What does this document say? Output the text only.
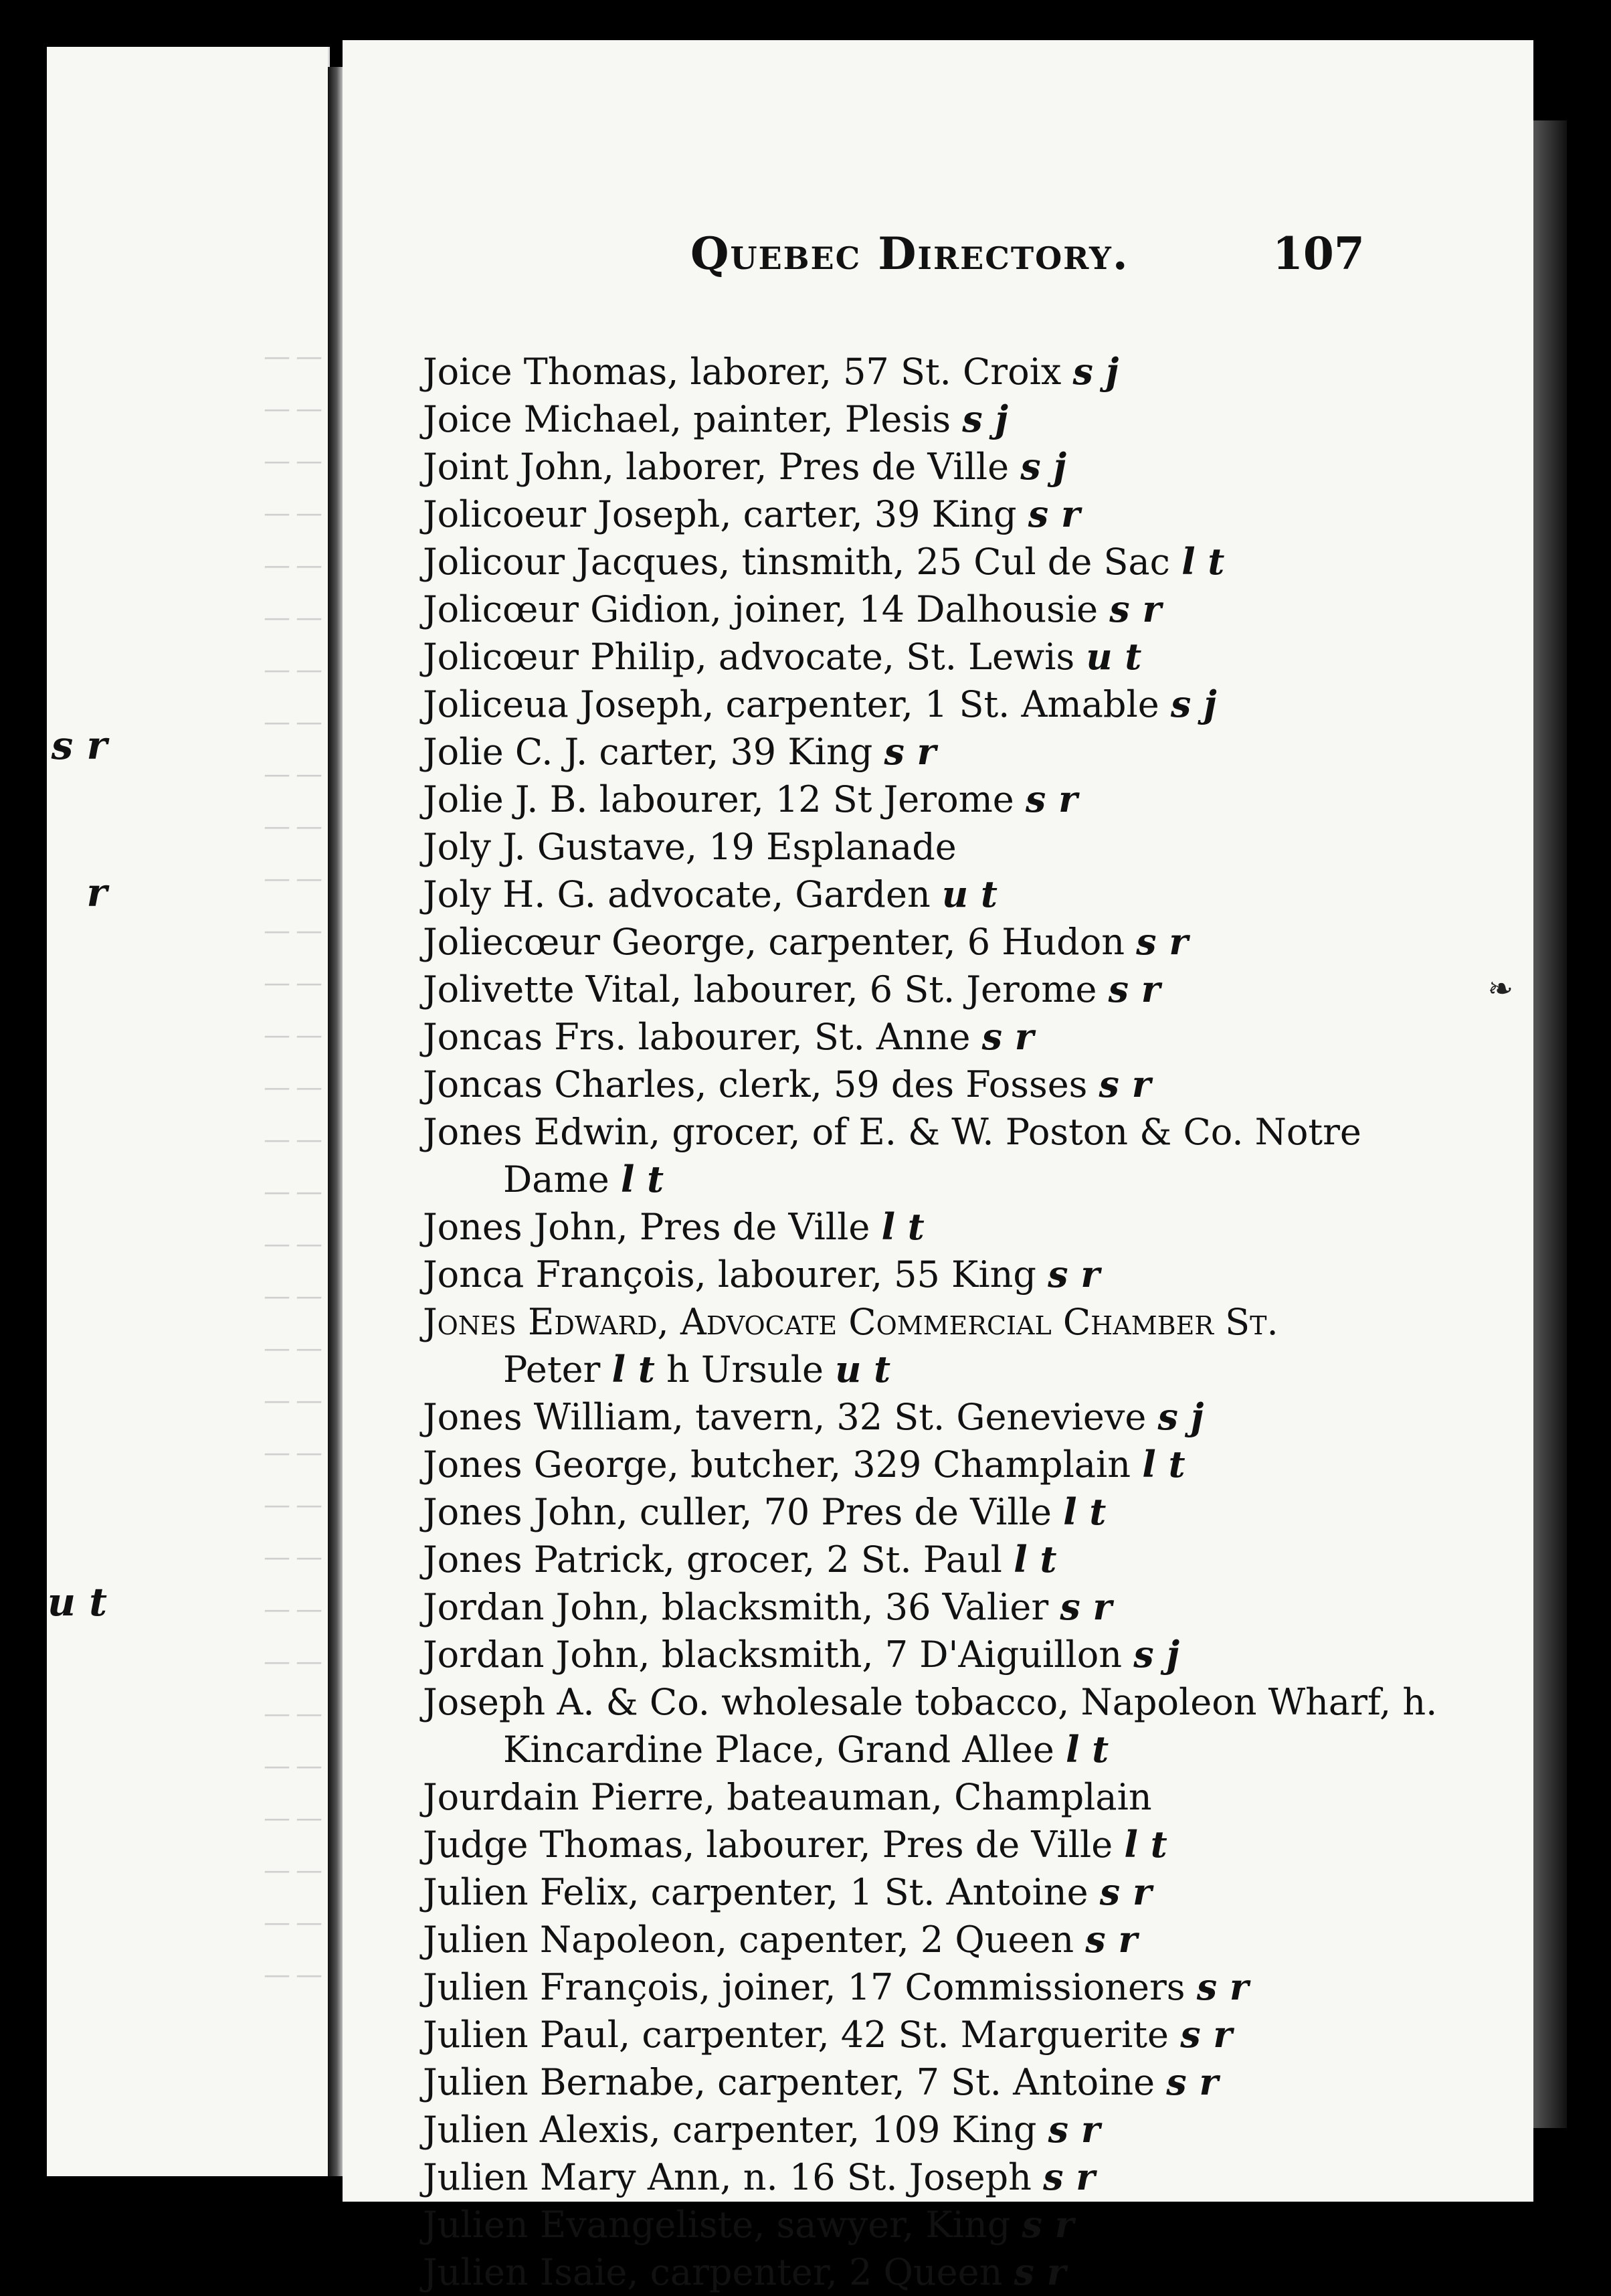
s r
r
u t
— —
— —
— —
— —
— —
— —
— —
— —
— —
— —
— —
— —
— —
— —
— —
— —
— —
— —
— —
— —
— —
— —
— —
— —
— —
— —
— —
— —
— —
— —
— —
— —
Quebec Directory.	107
Joice Thomas, laborer, 57 St. Croix s j
Joice Michael, painter, Plesis s j
Joint John, laborer, Pres de Ville s j
Jolicoeur Joseph, carter, 39 King s r
Jolicour Jacques, tinsmith, 25 Cul de Sac l t
Jolicœur Gidion, joiner, 14 Dalhousie s r
Jolicœur Philip, advocate, St. Lewis u t
Joliceua Joseph, carpenter, 1 St. Amable s j
Jolie C. J. carter, 39 King s r
Jolie J. B. labourer, 12 St Jerome s r
Joly J. Gustave, 19 Esplanade
Joly H. G. advocate, Garden u t
Joliecœur George, carpenter, 6 Hudon s r
Jolivette Vital, labourer, 6 St. Jerome s r
Joncas Frs. labourer, St. Anne s r
Joncas Charles, clerk, 59 des Fosses s r
Jones Edwin, grocer, of E. & W. Poston & Co. Notre
Dame l t
Jones John, Pres de Ville l t
Jonca François, labourer, 55 King s r
Jones Edward, Advocate Commercial Chamber St.
Peter l t h Ursule u t
Jones William, tavern, 32 St. Genevieve s j
Jones George, butcher, 329 Champlain l t
Jones John, culler, 70 Pres de Ville l t
Jones Patrick, grocer, 2 St. Paul l t
Jordan John, blacksmith, 36 Valier s r
Jordan John, blacksmith, 7 D'Aiguillon s j
Joseph A. & Co. wholesale tobacco, Napoleon Wharf, h.
Kincardine Place, Grand Allee l t
Jourdain Pierre, bateauman, Champlain
Judge Thomas, labourer, Pres de Ville l t
Julien Felix, carpenter, 1 St. Antoine s r
Julien Napoleon, capenter, 2 Queen s r
Julien François, joiner, 17 Commissioners s r
Julien Paul, carpenter, 42 St. Marguerite s r
Julien Bernabe, carpenter, 7 St. Antoine s r
Julien Alexis, carpenter, 109 King s r
Julien Mary Ann, n. 16 St. Joseph s r
Julien Evangeliste, sawyer, King s r
Julien Isaie, carpenter, 2 Queen s r
❧
